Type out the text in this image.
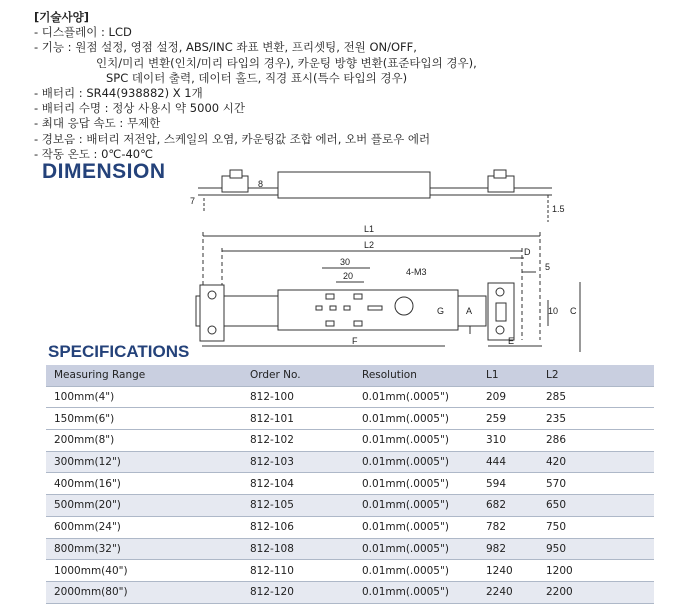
[기술사양]
- 디스플레이 : LCD
- 기능 : 원점 설정, 영점 설정, ABS/INC 좌표 변환, 프리셋팅, 전원 ON/OFF,
인치/미리 변환(인치/미리 타입의 경우), 카운팅 방향 변환(표준타입의 경우),
SPC 데이터 출력, 데이터 홀드, 직경 표시(특수 타입의 경우)
- 배터리 : SR44(938882) X 1개
- 배터리 수명 : 정상 사용시 약 5000 시간
- 최대 응답 속도 : 무제한
- 경보음 : 배터리 저전압, 스케일의 오염, 카운팅값 조합 에러, 오버 플로우 에러
- 작동 온도 : 0℃-40℃
DIMENSION
7
8
1.5
L1
L2
30
20	4-M3
D
5
G A	10 C
F	E
SPECIFICATIONS
Measuring Range	Order No.	Resolution	L1	L2
100mm(4")	812-100	0.01mm(.0005")	209	285
150mm(6")	812-101	0.01mm(.0005")	259	235
200mm(8")	812-102	0.01mm(.0005")	310	286
300mm(12")	812-103	0.01mm(.0005")	444	420
400mm(16")	812-104	0.01mm(.0005")	594	570
500mm(20")	812-105	0.01mm(.0005")	682	650
600mm(24")	812-106	0.01mm(.0005")	782	750
800mm(32")	812-108	0.01mm(.0005")	982	950
1000mm(40")	812-110	0.01mm(.0005")	1240	1200
2000mm(80")	812-120	0.01mm(.0005")	2240	2200
